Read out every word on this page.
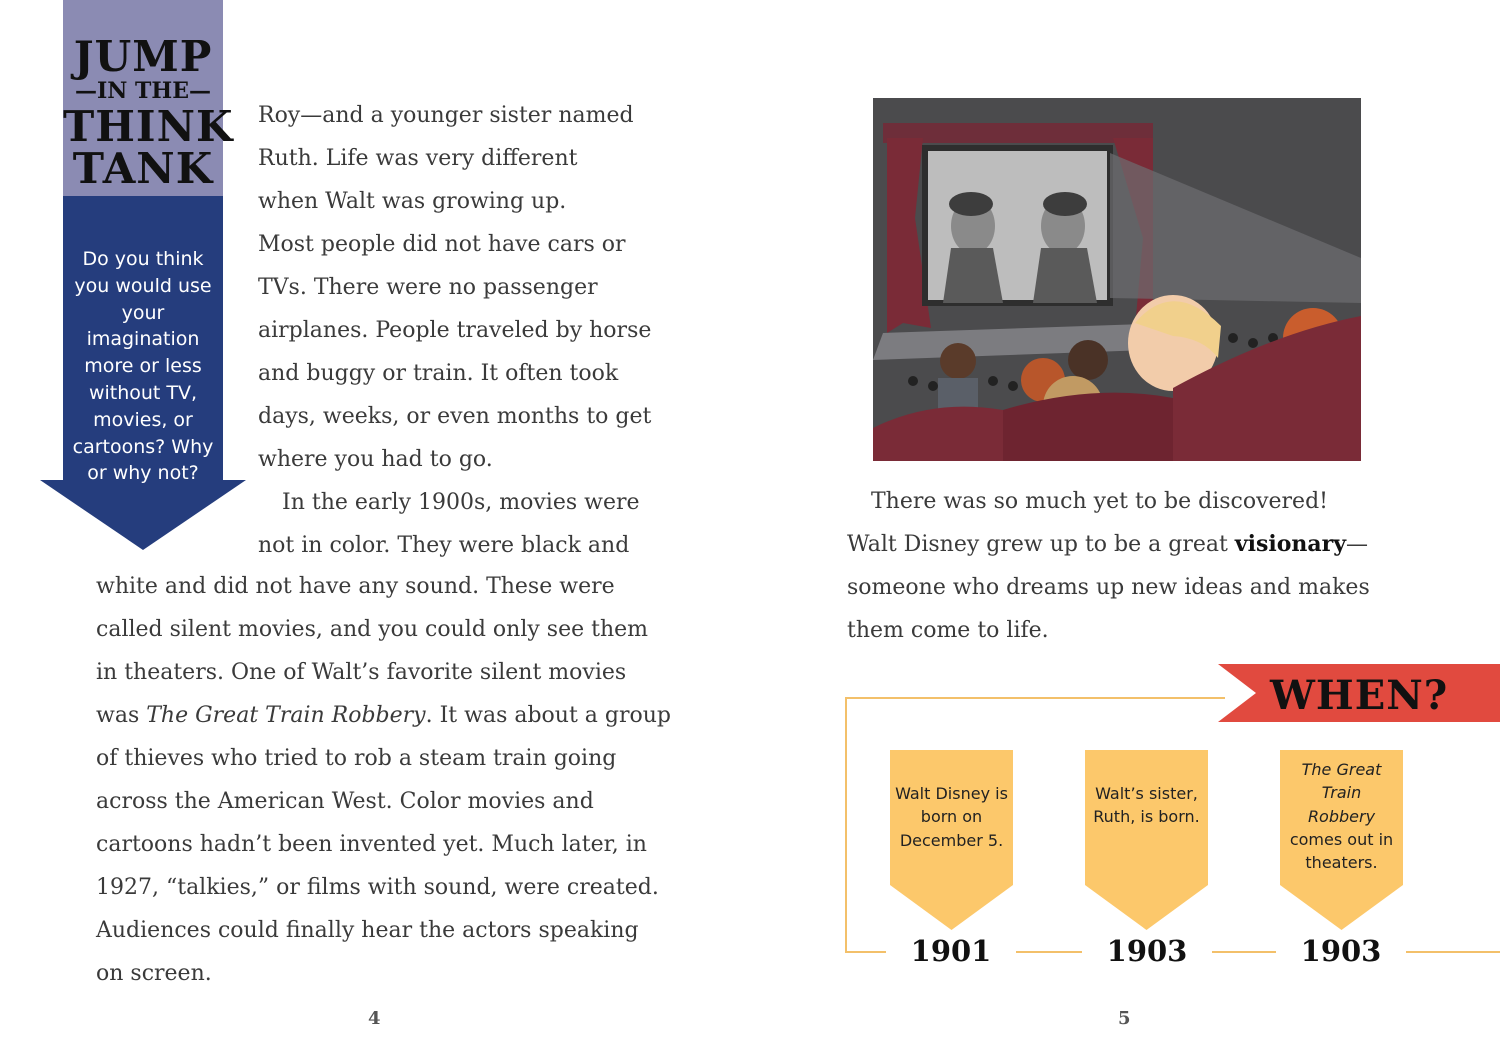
JUMP
—IN THE—
THINK
TANK
Do you think you would use your imagination more or less without TV, movies, or cartoons? Why or why not?
Roy—and a younger sister named
Ruth. Life was very different
when Walt was growing up.
Most people did not have cars or
TVs. There were no passenger
airplanes. People traveled by horse
and buggy or train. It often took
days, weeks, or even months to get
where you had to go.
In the early 1900s, movies were
not in color. They were black and
white and did not have any sound. These were
called silent movies, and you could only see them
in theaters. One of Walt’s favorite silent movies
was The Great Train Robbery. It was about a group
of thieves who tried to rob a steam train going
across the American West. Color movies and
cartoons hadn’t been invented yet. Much later, in
1927, “talkies,” or films with sound, were created.
Audiences could finally hear the actors speaking
on screen.
4
There was so much yet to be discovered!
Walt Disney grew up to be a great visionary—
someone who dreams up new ideas and makes
them come to life.
WHEN?
Walt Disney is born on December 5.
1901
Walt’s sister, Ruth, is born.
1903
The Great Train Robbery
comes out in theaters.
1903
5
